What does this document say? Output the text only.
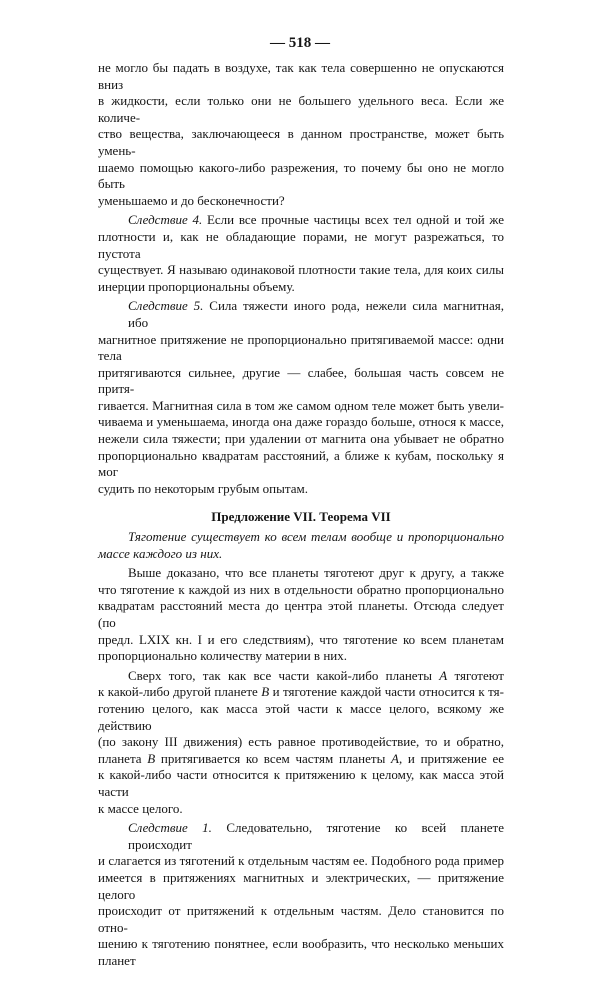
— 518 —
не могло бы падать в воздухе, так как тела совершенно не опускаются вниз
в жидкости, если только они не большего удельного веса. Если же количе-
ство вещества, заключающееся в данном пространстве, может быть умень-
шаемо помощью какого-либо разрежения, то почему бы оно не могло быть
уменьшаемо и до бесконечности?
Следствие 4. Если все прочные частицы всех тел одной и той же
плотности и, как не обладающие порами, не могут разрежаться, то пустота
существует. Я называю одинаковой плотности такие тела, для коих силы
инерции пропорциональны объему.
Следствие 5. Сила тяжести иного рода, нежели сила магнитная, ибо
магнитное притяжение не пропорционально притягиваемой массе: одни тела
притягиваются сильнее, другие — слабее, большая часть совсем не притя-
гивается. Магнитная сила в том же самом одном теле может быть увели-
чиваема и уменьшаема, иногда она даже гораздо больше, относя к массе,
нежели сила тяжести; при удалении от магнита она убывает не обратно
пропорционально квадратам расстояний, а ближе к кубам, поскольку я мог
судить по некоторым грубым опытам.
Предложение VII. Теорема VII
Тяготение существует ко всем телам вообще и пропорционально
массе каждого из них.
Выше доказано, что все планеты тяготеют друг к другу, а также
что тяготение к каждой из них в отдельности обратно пропорционально
квадратам расстояний места до центра этой планеты. Отсюда следует (по
предл. LXIX кн. I и его следствиям), что тяготение ко всем планетам
пропорционально количеству материи в них.
Сверх того, так как все части какой-либо планеты A тяготеют
к какой-либо другой планете B и тяготение каждой части относится к тя-
готению целого, как масса этой части к массе целого, всякому же действию
(по закону III движения) есть равное противодействие, то и обратно,
планета B притягивается ко всем частям планеты A, и притяжение ее
к какой-либо части относится к притяжению к целому, как масса этой части
к массе целого.
Следствие 1. Следовательно, тяготение ко всей планете происходит
и слагается из тяготений к отдельным частям ее. Подобного рода пример
имеется в притяжениях магнитных и электрических, — притяжение целого
происходит от притяжений к отдельным частям. Дело становится по отно-
шению к тяготению понятнее, если вообразить, что несколько меньших планет
